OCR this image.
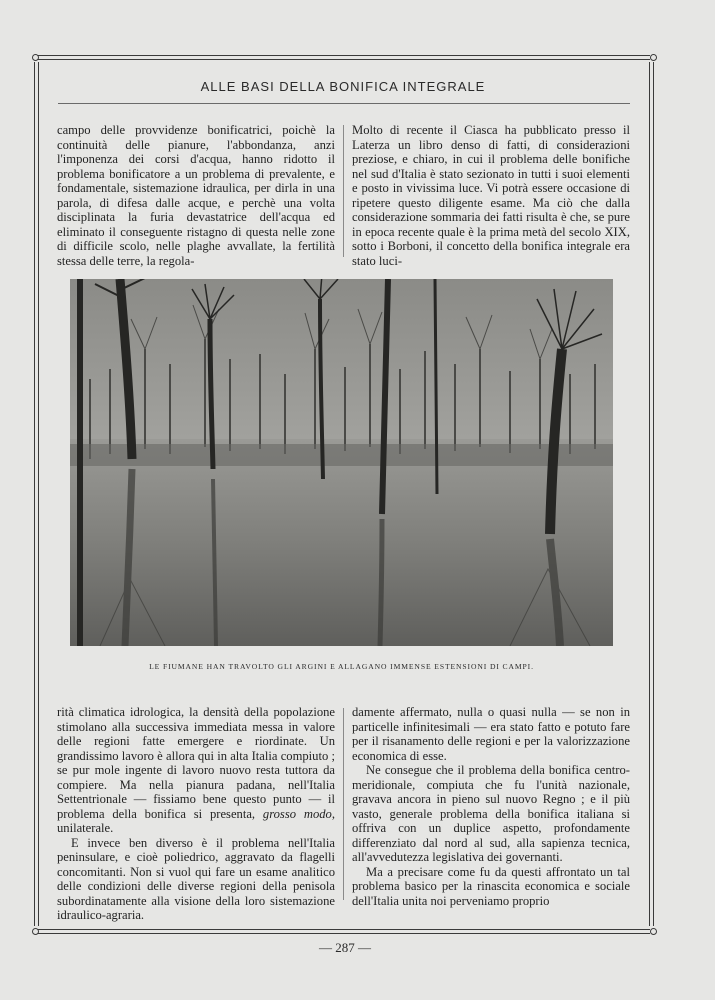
ALLE BASI DELLA BONIFICA INTEGRALE

campo delle provvidenze bonificatrici, poichè la continuità delle pianure, l'abbondanza, anzi l'imponenza dei corsi d'acqua, hanno ridotto il problema bonificatore a un problema di prevalente, e fondamentale, sistemazione idraulica, per dirla in una parola, di difesa dalle acque, e perchè una volta disciplinata la furia devastatrice dell'acqua ed eliminato il conseguente ristagno di questa nelle zone di difficile scolo, nelle plaghe avvallate, la fertilità stessa delle terre, la regola-

Molto di recente il Ciasca ha pubblicato presso il Laterza un libro denso di fatti, di considerazioni preziose, e chiaro, in cui il problema delle bonifiche nel sud d'Italia è stato sezionato in tutti i suoi elementi e posto in vivissima luce. Vi potrà essere occasione di ripetere questo diligente esame. Ma ciò che dalla considerazione sommaria dei fatti risulta è che, se pure in epoca recente quale è la prima metà del secolo XIX, sotto i Borboni, il concetto della bonifica integrale era stato luci-

LE FIUMANE HAN TRAVOLTO GLI ARGINI E ALLAGANO IMMENSE ESTENSIONI DI CAMPI.

rità climatica idrologica, la densità della popolazione stimolano alla successiva immediata messa in valore delle regioni fatte emergere e riordinate. Un grandissimo lavoro è allora qui in alta Italia compiuto ; se pur mole ingente di lavoro nuovo resta tuttora da compiere. Ma nella pianura padana, nell'Italia Settentrionale — fissiamo bene questo punto — il problema della bonifica si presenta, grosso modo, unilaterale.

E invece ben diverso è il problema nell'Italia peninsulare, e cioè poliedrico, aggravato da flagelli concomitanti. Non si vuol qui fare un esame analitico delle condizioni delle diverse regioni della penisola subordinatamente alla visione della loro sistemazione idraulico-agraria.

damente affermato, nulla o quasi nulla — se non in particelle infinitesimali — era stato fatto e potuto fare per il risanamento delle regioni e per la valorizzazione economica di esse.

Ne consegue che il problema della bonifica centro-meridionale, compiuta che fu l'unità nazionale, gravava ancora in pieno sul nuovo Regno ; e il più vasto, generale problema della bonifica italiana si offriva con un duplice aspetto, profondamente differenziato dal nord al sud, alla sapienza tecnica, all'avvedutezza legislativa dei governanti.

Ma a precisare come fu da questi affrontato un tal problema basico per la rinascita economica e sociale dell'Italia unita noi perveniamo proprio

— 287 —
